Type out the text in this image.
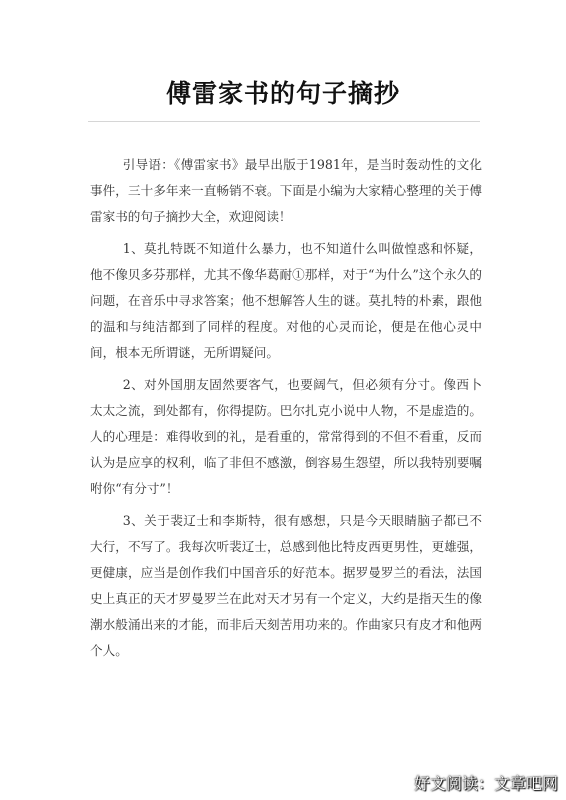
傅雷家书的句子摘抄

引导语：《傅雷家书》最早出版于1981年，是当时轰动性的文化事件，三十多年来一直畅销不衰。下面是小编为大家精心整理的关于傅雷家书的句子摘抄大全，欢迎阅读！

1、莫扎特既不知道什么暴力，也不知道什么叫做惶惑和怀疑，他不像贝多芬那样，尤其不像华葛耐①那样，对于“为什么”这个永久的问题，在音乐中寻求答案；他不想解答人生的谜。莫扎特的朴素，跟他的温和与纯洁都到了同样的程度。对他的心灵而论，便是在他心灵中间，根本无所谓谜，无所谓疑问。

2、对外国朋友固然要客气，也要阔气，但必须有分寸。像西卜太太之流，到处都有，你得提防。巴尔扎克小说中人物，不是虚造的。人的心理是：难得收到的礼，是看重的，常常得到的不但不看重，反而认为是应享的权利，临了非但不感激，倒容易生怨望，所以我特别要嘱咐你“有分寸”！

3、关于裴辽士和李斯特，很有感想，只是今天眼睛脑子都已不大行，不写了。我每次听裴辽士，总感到他比特皮西更男性，更雄强，更健康，应当是创作我们中国音乐的好范本。据罗曼罗兰的看法，法国史上真正的天才罗曼罗兰在此对天才另有一个定义，大约是指天生的像潮水般涌出来的才能，而非后天刻苦用功来的。作曲家只有皮才和他两个人。

好文阅读：文章吧网
